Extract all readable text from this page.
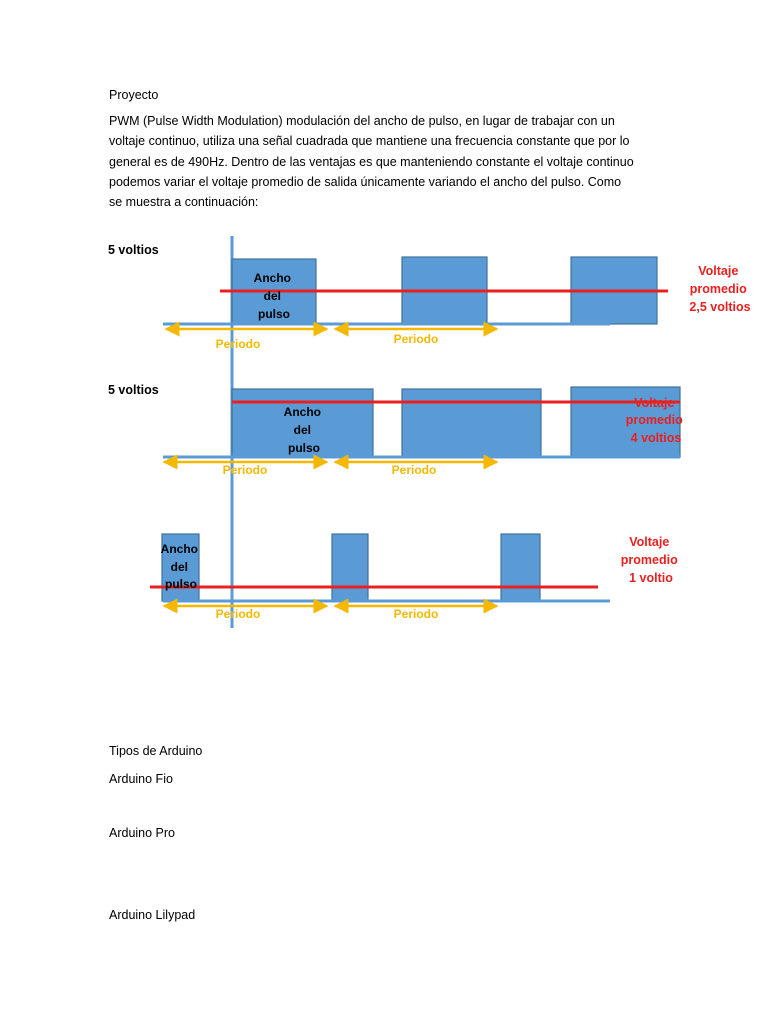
Proyecto

PWM (Pulse Width Modulation) modulación del ancho de pulso, en lugar de trabajar con un
voltaje continuo, utiliza una señal cuadrada que mantiene una frecuencia constante que por lo
general es de 490Hz. Dentro de las ventajas es que manteniendo constante el voltaje continuo
podemos variar el voltaje promedio de salida únicamente variando el ancho del pulso. Como
se muestra a continuación:

5 voltios
Ancho del pulso
Periodo	Periodo
Voltaje promedio 2,5 voltios
5 voltios
Ancho del pulso
Periodo	Periodo
Voltaje promedio 4 voltios
Ancho del pulso
Periodo	Periodo
Voltaje promedio 1 voltio
Tipos de Arduino
Arduino Fio
Arduino Pro
Arduino Lilypad
